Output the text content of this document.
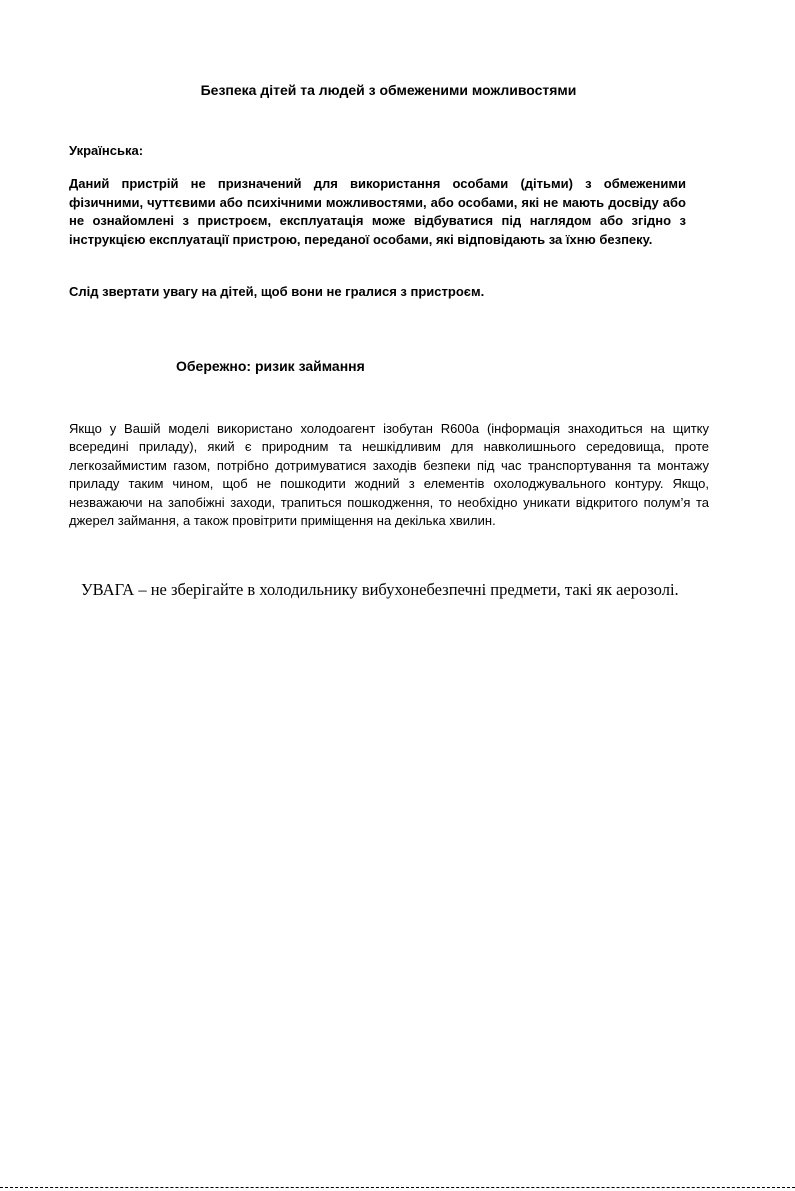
Безпека дітей та людей з обмеженими можливостями

Українська:

Даний пристрій не призначений для використання особами (дітьми) з обмеженими фізичними, чуттєвими або психічними можливостями, або особами, які не мають досвіду або не ознайомлені з пристроєм, експлуатація може відбуватися під наглядом або згідно з інструкцією експлуатації пристрою, переданої особами, які відповідають за їхню безпеку.

Слід звертати увагу на дітей, щоб вони не гралися з пристроєм.

Обережно: ризик займання

Якщо у Вашій моделі використано холодоагент ізобутан R600a (інформація знаходиться на щитку всередині приладу), який є природним та нешкідливим для навколишнього середовища, проте легкозаймистим газом, потрібно дотримуватися заходів безпеки під час транспортування та монтажу приладу таким чином, щоб не пошкодити жодний з елементів охолоджувального контуру. Якщо, незважаючи на запобіжні заходи, трапиться пошкодження, то необхідно уникати відкритого полум’я та джерел займання, а також провітрити приміщення на декілька хвилин.

УВАГА – не зберігайте в холодильнику вибухонебезпечні предмети, такі як аерозолі.
